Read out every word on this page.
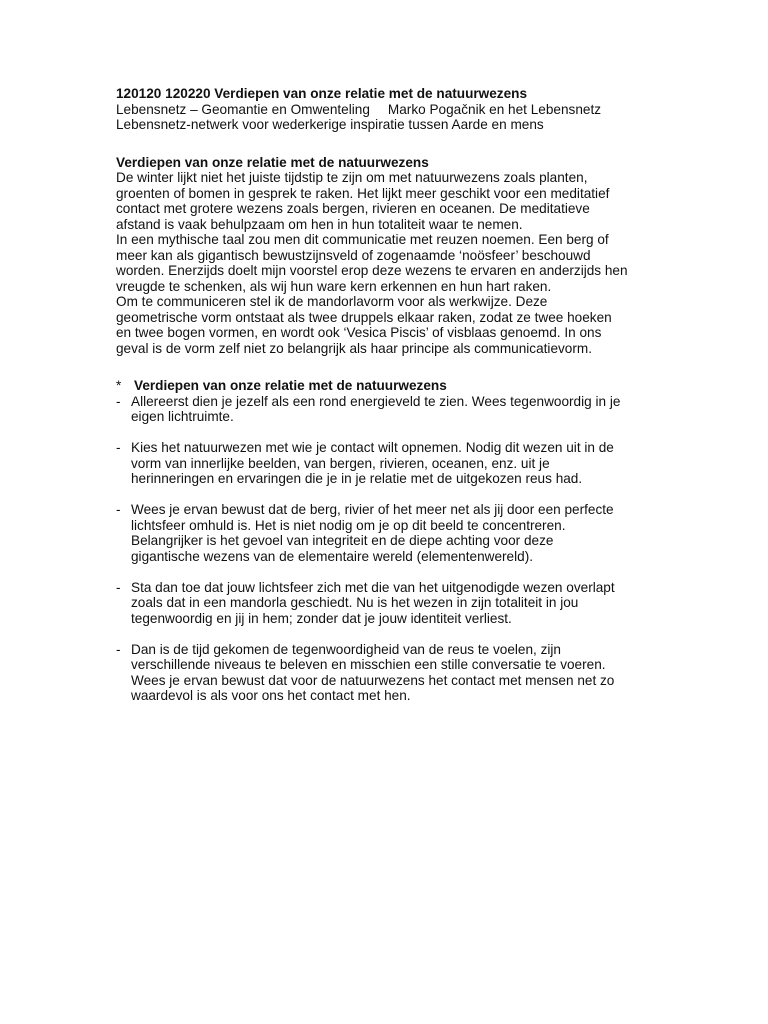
120120 120220 Verdiepen van onze relatie met de natuurwezens
Lebensnetz – Geomantie en Omwenteling Marko Pogačnik en het Lebensnetz
Lebensnetz-netwerk voor wederkerige inspiratie tussen Aarde en mens
Verdiepen van onze relatie met de natuurwezens
De winter lijkt niet het juiste tijdstip te zijn om met natuurwezens zoals planten,
groenten of bomen in gesprek te raken. Het lijkt meer geschikt voor een meditatief
contact met grotere wezens zoals bergen, rivieren en oceanen. De meditatieve
afstand is vaak behulpzaam om hen in hun totaliteit waar te nemen.
In een mythische taal zou men dit communicatie met reuzen noemen. Een berg of
meer kan als gigantisch bewustzijnsveld of zogenaamde ‘noösfeer’ beschouwd
worden. Enerzijds doelt mijn voorstel erop deze wezens te ervaren en anderzijds hen
vreugde te schenken, als wij hun ware kern erkennen en hun hart raken.
Om te communiceren stel ik de mandorlavorm voor als werkwijze. Deze
geometrische vorm ontstaat als twee druppels elkaar raken, zodat ze twee hoeken
en twee bogen vormen, en wordt ook ‘Vesica Piscis’ of visblaas genoemd. In ons
geval is de vorm zelf niet zo belangrijk als haar principe als communicatievorm.
* Verdiepen van onze relatie met de natuurwezens
- Allereerst dien je jezelf als een rond energieveld te zien. Wees tegenwoordig in je
eigen lichtruimte.
- Kies het natuurwezen met wie je contact wilt opnemen. Nodig dit wezen uit in de
vorm van innerlijke beelden, van bergen, rivieren, oceanen, enz. uit je
herinneringen en ervaringen die je in je relatie met de uitgekozen reus had.
- Wees je ervan bewust dat de berg, rivier of het meer net als jij door een perfecte
lichtsfeer omhuld is. Het is niet nodig om je op dit beeld te concentreren.
Belangrijker is het gevoel van integriteit en de diepe achting voor deze
gigantische wezens van de elementaire wereld (elementenwereld).
- Sta dan toe dat jouw lichtsfeer zich met die van het uitgenodigde wezen overlapt
zoals dat in een mandorla geschiedt. Nu is het wezen in zijn totaliteit in jou
tegenwoordig en jij in hem; zonder dat je jouw identiteit verliest.
- Dan is de tijd gekomen de tegenwoordigheid van de reus te voelen, zijn
verschillende niveaus te beleven en misschien een stille conversatie te voeren.
Wees je ervan bewust dat voor de natuurwezens het contact met mensen net zo
waardevol is als voor ons het contact met hen.
